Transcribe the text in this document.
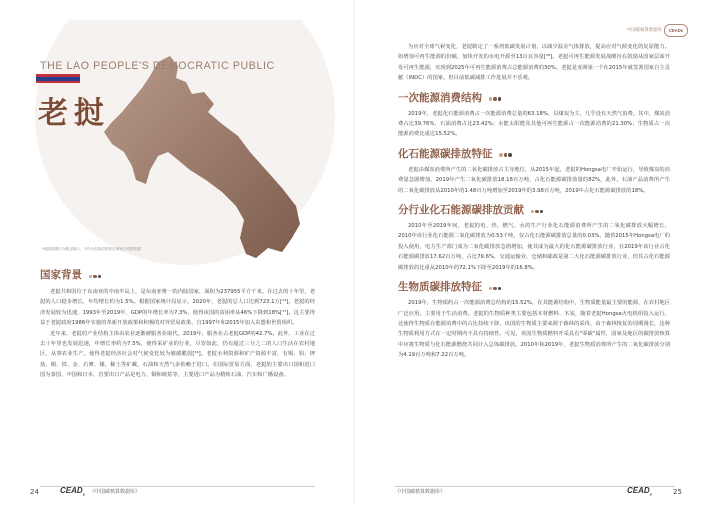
THE LAO PEOPLE'S DEMOCRATIC PUBLIC
老挝
*地图数据仅为概念图示，不作为实际的国家区域划分依据依据
国家背景

老挝共和国位于东南亚的中南半岛上，是东南亚唯一的内陆国家，面积为237955平方千米。在过去的十年里，老挝的人口稳步增长，年均增长约为1.5%。根据国家统计局显示，2020年，老挝的总人口达到723.1万[¹⁴]。老挝的经济发展较为迅速，1993年至2019年，GDP的年增长率为7.3%，使得该国的贫困率从46%下降到18%[¹⁷]。这主要得益于老挝政府1986年实施的革新开放政策和积极的对外贸易政策，自1997年和2015年加入东盟和世贸组织。

近年来，老挝的产业结构主体由农业逐渐被服务业取代。2019年，服务业占老挝GDP的42.7%。此外，工业在过去十年里也发展迅速，年增长率约为7.5%，使得采矿业的行业，尽管如此，仍有超过三分之二的人口生活在农村地区，从事农业生产。使得老挝经济社会对气候变化较为敏感脆弱[¹⁶]。老挝水利资源和矿产资源丰富，有锡、铅、钾盐、铜、铁、金、石膏、煤、稀土等矿藏，石油和天然气多依赖于进口。在国际贸易方面，老挝的主要出口国和进口国为泰国、中国和日本，首要出口产品是电力、铜和纸浆等，主要进口产品为精炼石油、汽车和广播设备。

24	$CEAD_s$ 《中国碳核算数据库》
中国碳核算数据库	CEADs

为应对全球气候变化，老挝制定了一系列低碳发展计划，以减少温室气体排放，提高应对气候变化的复原能力。如增加可再生能源的份额、加快开发的水电开源至13百瓦容量[¹⁸]。老挝可再生能源发展战略旨在鼓励从国家层面开发可再生能源，实现到2025年可再生能源消费占总能源消费的30%。老挝是亚洲第一个在2015年就签署国家自主贡献（INDC）的国家，但目前低碳减排工作进展并不乐观。

一次能源消费结构

2019年，老挝化石能源消费占一次能源消费总量的63.18%，以煤炭为主，几乎没有天然气消费。其中，煤炭消费占比39.76%，石油消费占比23.42%；水能太阳能及其他可再生能源占一次能源消费的21.30%；生物质占一次能源消费比重达15.52%。

化石能源碳排放特征

老挝由煤炭消费所产生的二氧化碳排放占主导地位，从2015年起，老挝的Hongsa电厂开始运行，导致煤炭的消费量急剧增加，2019年产生二氧化碳排放18.18百万吨，占化石能源碳排放量的82%，此外，石油产品消费所产生的二氧化碳排放从2010年的1.48百万吨增加至2019年的3.98百万吨，2019年占化石能源碳排放的18%。

分行业化石能源碳排放贡献

2010年至2019年间，老挝的电、热、燃气、水的生产行业化石能源消费所产生的二氧化碳排放大幅增长，2010年该行业化石能源二氧化碳排放为0.53千吨，仅占化石能源碳排放总量的0.03%，随着2015年Hongsa电厂的投入使用，电力生产部门成为二氧化碳排放急剧增加，使其成为最大的化石能源碳排放行业，在2019年该行业占化石能源碳排放17.62百万吨，占比79.6%，交通运输业、仓储和邮政是第二大化石能源碳排放行业，但其占化石能源碳排放的比重从2010年的72.1%下降至2019年的16.8%。

生物质碳排放特征

2019年，生物质约占一次能源消费总结构的15.52%，在其能源结构中，生物质能量最主要的能源，在农村地区广泛应用。主要用于生活消费。老挝的生物质种类主要包括木材燃料、木炭，随着老挝Hongsa火电机组投入运行，这使得生物质在能源消费中的占比持续下降，该国的生物质主要来源于森林的采伐、由于森林恢复的周期漫长，这种生物质利用方式在一定时期内不具有持续性。可见，该国生物质燃料开采具有"零碳"属性，国家及地区的碳排放核算中应将生物质与化石能源燃烧共同计入总体碳排放。2010年和2019年，老挝生物质消费所产生的二氧化碳排放分别为4.19百万吨和7.22百万吨。

《中国碳核算数据库》	$CEAD_s$	25
